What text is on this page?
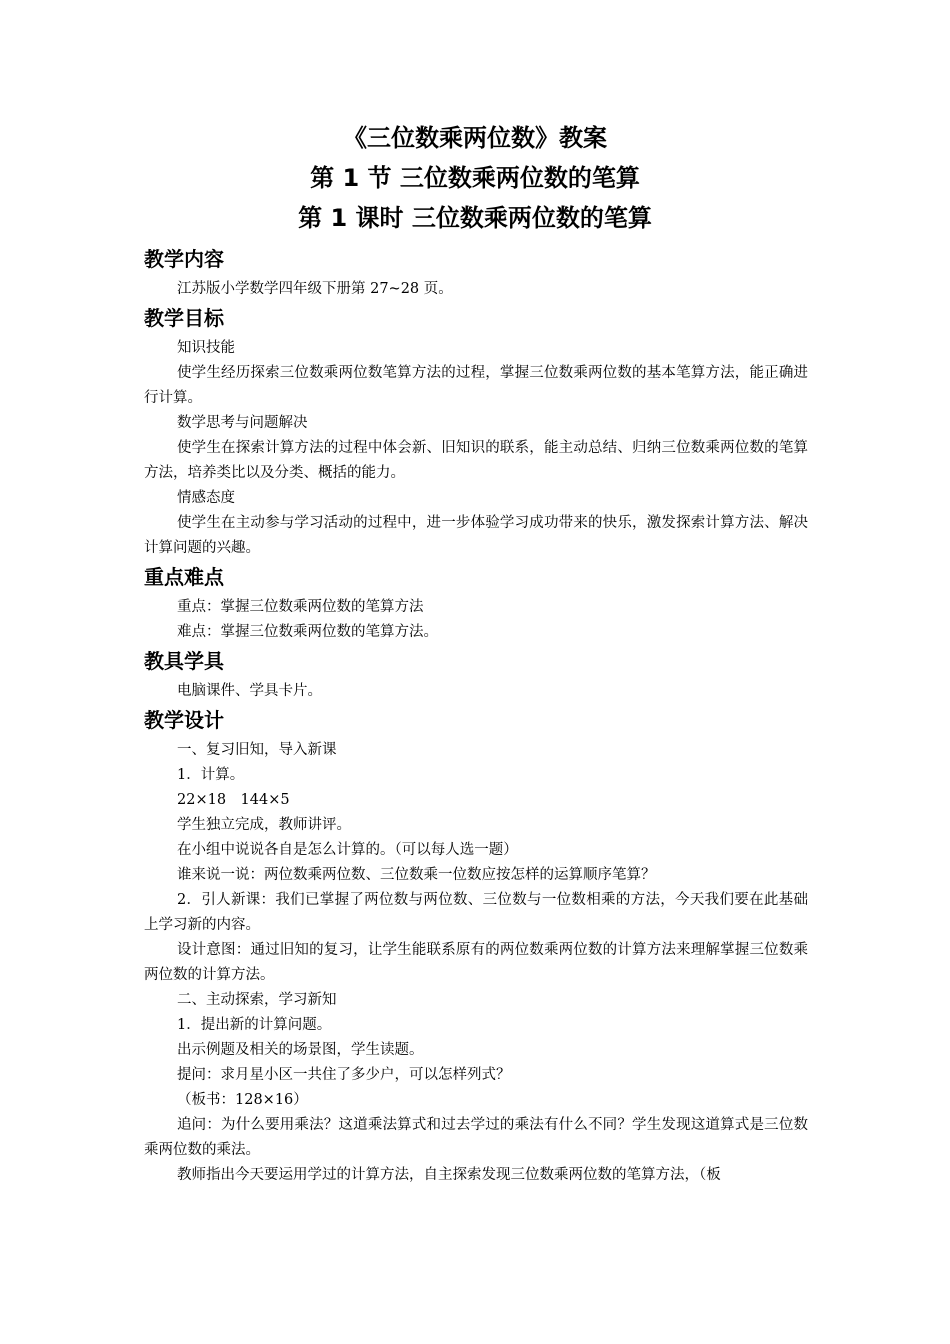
《三位数乘两位数》教案
第 1 节 三位数乘两位数的笔算
第 1 课时 三位数乘两位数的笔算
教学内容

江苏版小学数学四年级下册第 27~28 页。

教学目标

知识技能

使学生经历探索三位数乘两位数笔算方法的过程，掌握三位数乘两位数的基本笔算方法，能正确进行计算。

数学思考与问题解决

使学生在探索计算方法的过程中体会新、旧知识的联系，能主动总结、归纳三位数乘两位数的笔算方法，培养类比以及分类、概括的能力。

情感态度

使学生在主动参与学习活动的过程中，进一步体验学习成功带来的快乐，激发探索计算方法、解决计算问题的兴趣。

重点难点

重点：掌握三位数乘两位数的笔算方法

难点：掌握三位数乘两位数的笔算方法。

教具学具

电脑课件、学具卡片。

教学设计

一、复习旧知，导入新课

1．计算。

22×18　144×5

学生独立完成，教师讲评。

在小组中说说各自是怎么计算的。（可以每人选一题）

谁来说一说：两位数乘两位数、三位数乘一位数应按怎样的运算顺序笔算？

2．引人新课：我们已掌握了两位数与两位数、三位数与一位数相乘的方法，今天我们要在此基础上学习新的内容。

设计意图：通过旧知的复习，让学生能联系原有的两位数乘两位数的计算方法来理解掌握三位数乘两位数的计算方法。

二、主动探索，学习新知

1．提出新的计算问题。

出示例题及相关的场景图，学生读题。

提问：求月星小区一共住了多少户，可以怎样列式？

（板书：128×16）

追问：为什么要用乘法？这道乘法算式和过去学过的乘法有什么不同？学生发现这道算式是三位数乘两位数的乘法。

教师指出今天要运用学过的计算方法，自主探索发现三位数乘两位数的笔算方法，（板
